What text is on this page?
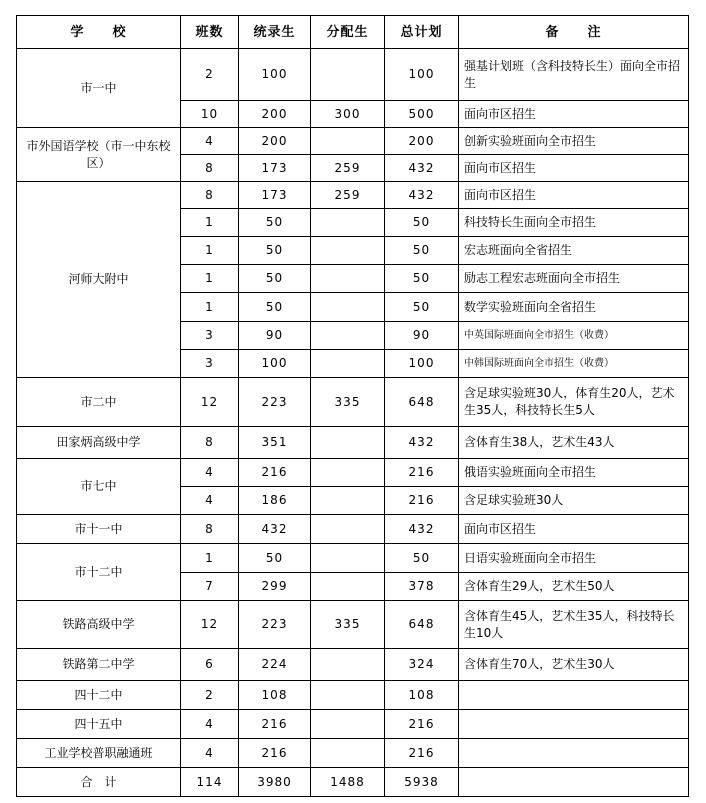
学　　校	班数	统录生	分配生	总计划	备　　注
市一中	2	100		100	强基计划班（含科技特长生）面向全市招生
	10	200	300	500	面向市区招生
市外国语学校（市一中东校区）	4	200		200	创新实验班面向全市招生
	8	173	259	432	面向市区招生
河师大附中	8	173	259	432	面向市区招生
	1	50		50	科技特长生面向全市招生
	1	50		50	宏志班面向全省招生
	1	50		50	励志工程宏志班面向全市招生
	1	50		50	数学实验班面向全省招生
	3	90		90	中英国际班面向全市招生（收费）
	3	100		100	中韩国际班面向全市招生（收费）
市二中	12	223	335	648	含足球实验班30人，体育生20人，艺术生35人，科技特长生5人
田家炳高级中学	8	351		432	含体育生38人，艺术生43人
市七中	4	216		216	俄语实验班面向全市招生
	4	186		216	含足球实验班30人
市十一中	8	432		432	面向市区招生
市十二中	1	50		50	日语实验班面向全市招生
	7	299		378	含体育生29人，艺术生50人
铁路高级中学	12	223	335	648	含体育生45人，艺术生35人，科技特长生10人
铁路第二中学	6	224		324	含体育生70人，艺术生30人
四十二中	2	108		108	
四十五中	4	216		216	
工业学校普职融通班	4	216		216	
合　计	114	3980	1488	5938	
